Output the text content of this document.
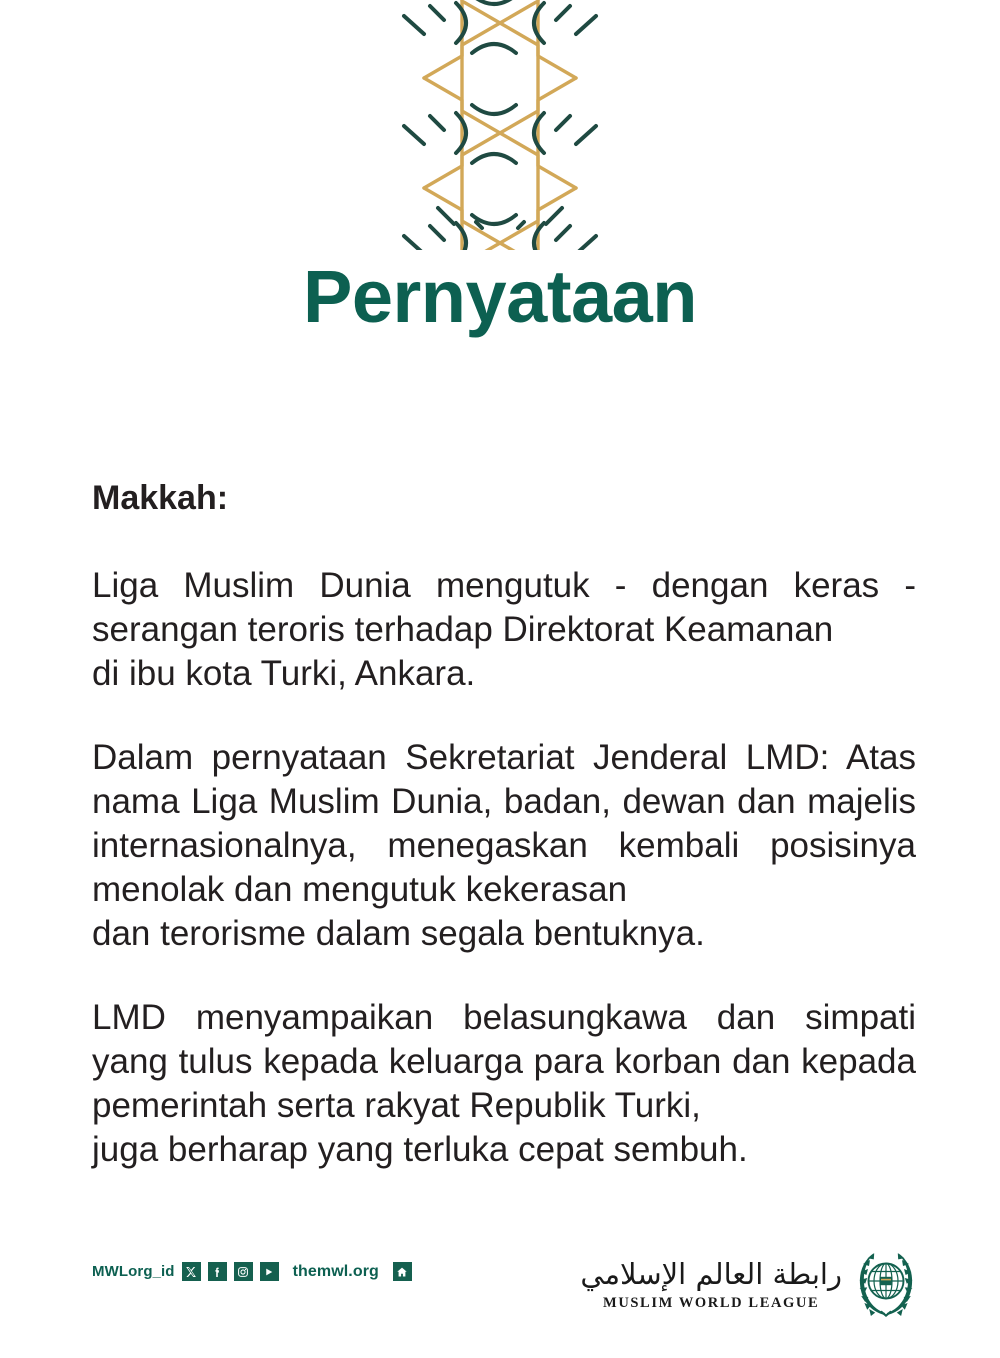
Pernyataan

Makkah:

Liga Muslim Dunia mengutuk - dengan keras - serangan teroris terhadap Direktorat Keamanan
di ibu kota Turki, Ankara.

Dalam pernyataan Sekretariat Jenderal LMD: Atas nama Liga Muslim Dunia, badan, dewan dan majelis internasionalnya, menegaskan kembali posisinya menolak dan mengutuk kekerasan
dan terorisme dalam segala bentuknya.

LMD menyampaikan belasungkawa dan simpati yang tulus kepada keluarga para korban dan kepada pemerintah serta rakyat Republik Turki,
juga berharap yang terluka cepat sembuh.

MWLorg_id	themwl.org	رابطة العالم الإسلامي
MUSLIM WORLD LEAGUE
